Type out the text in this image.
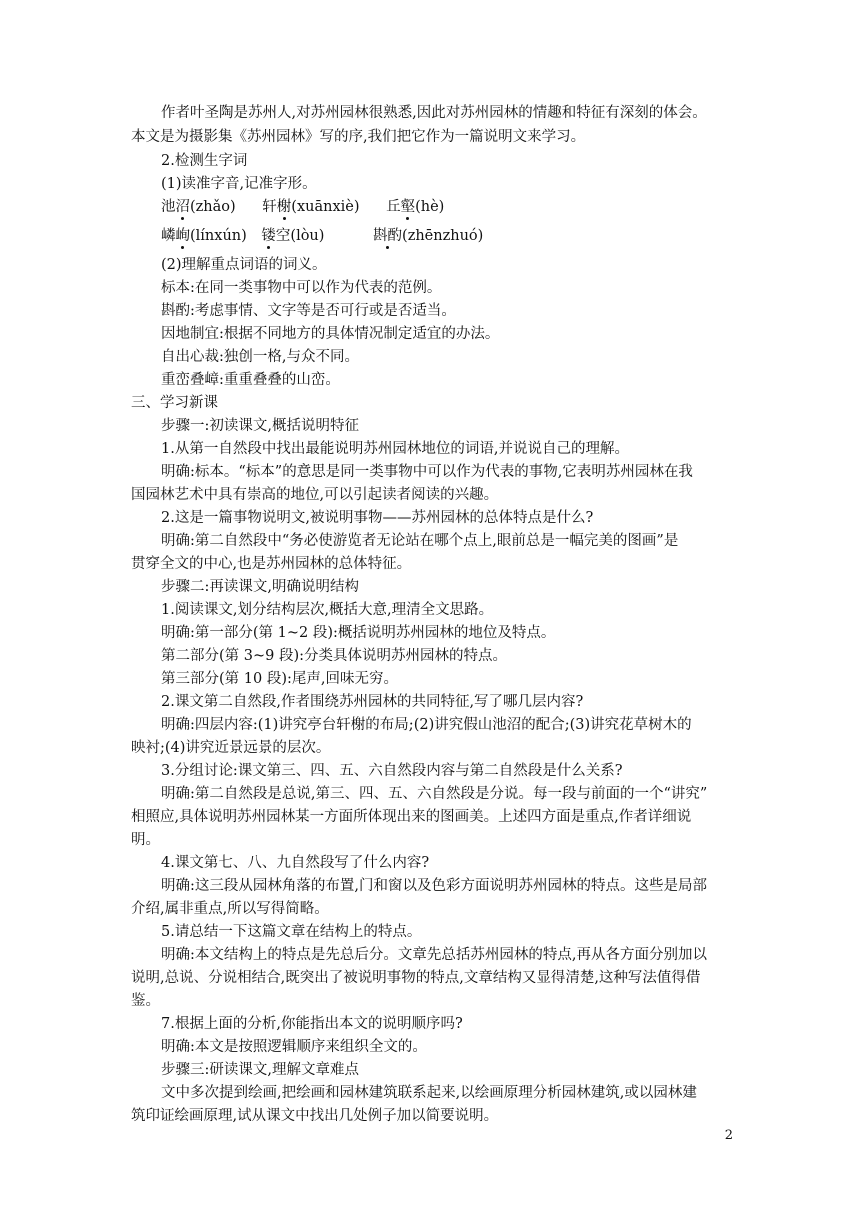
作者叶圣陶是苏州人,对苏州园林很熟悉,因此对苏州园林的情趣和特征有深刻的体会。
本文是为摄影集《苏州园林》写的序,我们把它作为一篇说明文来学习。
2.检测生字词
(1)读准字音,记准字形。
(2)理解重点词语的词义。
标本:在同一类事物中可以作为代表的范例。
斟酌:考虑事情、文字等是否可行或是否适当。
因地制宜:根据不同地方的具体情况制定适宜的办法。
自出心裁:独创一格,与众不同。
重峦叠嶂:重重叠叠的山峦。
三、学习新课
步骤一:初读课文,概括说明特征
1.从第一自然段中找出最能说明苏州园林地位的词语,并说说自己的理解。
明确:标本。“标本”的意思是同一类事物中可以作为代表的事物,它表明苏州园林在我
国园林艺术中具有崇高的地位,可以引起读者阅读的兴趣。
2.这是一篇事物说明文,被说明事物——苏州园林的总体特点是什么?
明确:第二自然段中“务必使游览者无论站在哪个点上,眼前总是一幅完美的图画”是
贯穿全文的中心,也是苏州园林的总体特征。
步骤二:再读课文,明确说明结构
1.阅读课文,划分结构层次,概括大意,理清全文思路。
明确:第一部分(第 1~2 段):概括说明苏州园林的地位及特点。
第二部分(第 3~9 段):分类具体说明苏州园林的特点。
第三部分(第 10 段):尾声,回味无穷。
2.课文第二自然段,作者围绕苏州园林的共同特征,写了哪几层内容?
明确:四层内容:(1)讲究亭台轩榭的布局;(2)讲究假山池沼的配合;(3)讲究花草树木的
映衬;(4)讲究近景远景的层次。
3.分组讨论:课文第三、四、五、六自然段内容与第二自然段是什么关系?
明确:第二自然段是总说,第三、四、五、六自然段是分说。每一段与前面的一个“讲究”
相照应,具体说明苏州园林某一方面所体现出来的图画美。上述四方面是重点,作者详细说
明。
4.课文第七、八、九自然段写了什么内容?
明确:这三段从园林角落的布置,门和窗以及色彩方面说明苏州园林的特点。这些是局部
介绍,属非重点,所以写得简略。
5.请总结一下这篇文章在结构上的特点。
明确:本文结构上的特点是先总后分。文章先总括苏州园林的特点,再从各方面分别加以
说明,总说、分说相结合,既突出了被说明事物的特点,文章结构又显得清楚,这种写法值得借
鉴。
7.根据上面的分析,你能指出本文的说明顺序吗?
明确:本文是按照逻辑顺序来组织全文的。
步骤三:研读课文,理解文章难点
文中多次提到绘画,把绘画和园林建筑联系起来,以绘画原理分析园林建筑,或以园林建
筑印证绘画原理,试从课文中找出几处例子加以简要说明。
池沼(zhǎo) 轩榭(xuānxiè) 丘壑(hè)
嶙峋(línxún) 镂空(lòu)	斟酌(zhēnzhuó)
2
